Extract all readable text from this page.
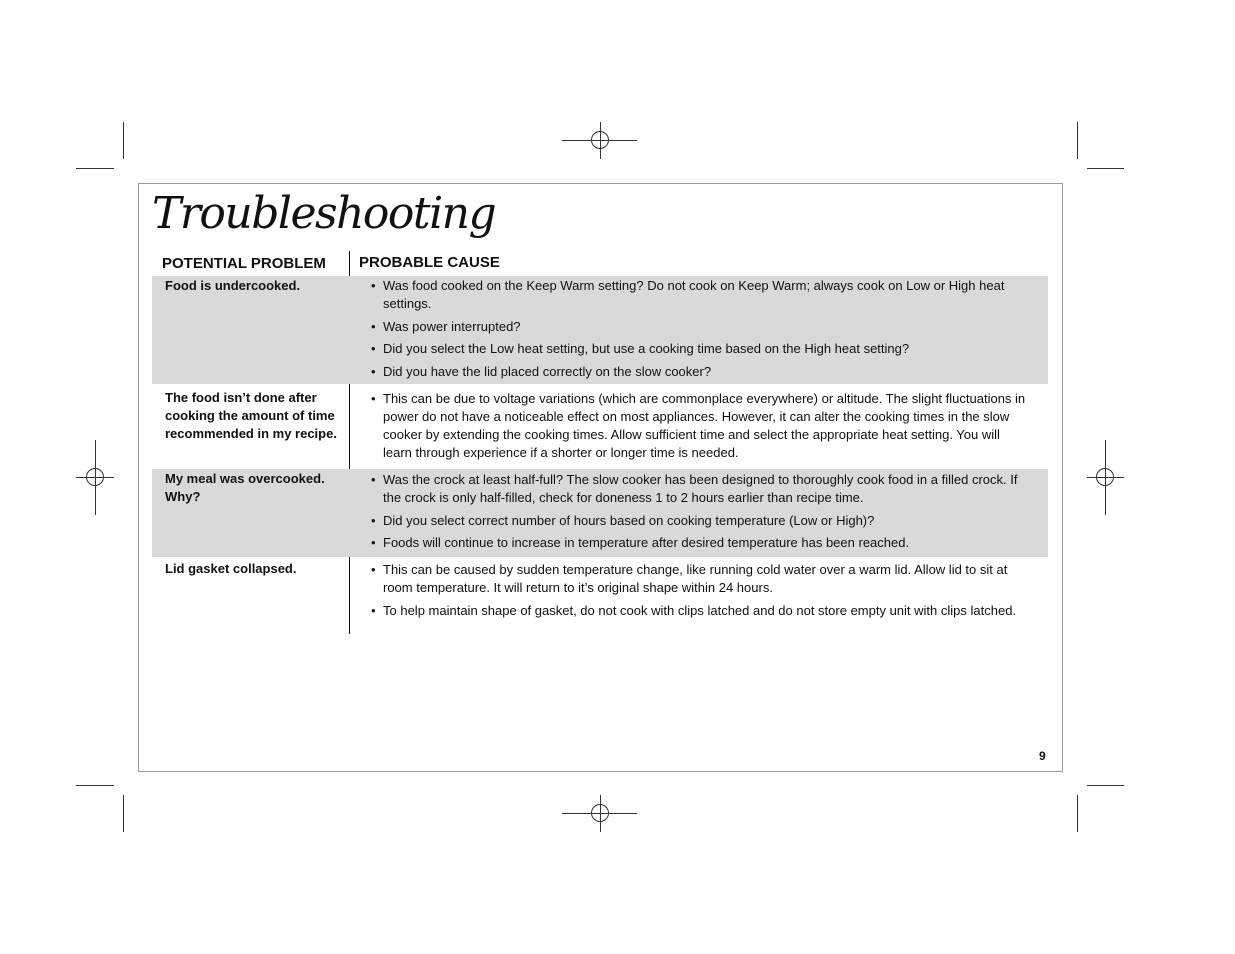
Troubleshooting
POTENTIAL PROBLEM PROBABLE CAUSE
Food is undercooked.	• Was food cooked on the Keep Warm setting? Do not cook on Keep Warm; always cook on Low or High heat settings.
• Was power interrupted?
• Did you select the Low heat setting, but use a cooking time based on the High heat setting?
• Did you have the lid placed correctly on the slow cooker?
The food isn’t done after cooking the amount of time recommended in my recipe.
• This can be due to voltage variations (which are commonplace everywhere) or altitude. The slight fluctuations in power do not have a noticeable effect on most appliances. However, it can alter the cooking times in the slow cooker by extending the cooking times. Allow sufficient time and select the appropriate heat setting. You will learn through experience if a shorter or longer time is needed.
My meal was overcooked. Why?
• Was the crock at least half-full? The slow cooker has been designed to thoroughly cook food in a filled crock. If the crock is only half-filled, check for doneness 1 to 2 hours earlier than recipe time.
• Did you select correct number of hours based on cooking temperature (Low or High)?
• Foods will continue to increase in temperature after desired temperature has been reached.
Lid gasket collapsed.	• This can be caused by sudden temperature change, like running cold water over a warm lid. Allow lid to sit at room temperature. It will return to it’s original shape within 24 hours.
• To help maintain shape of gasket, do not cook with clips latched and do not store empty unit with clips latched.
9
